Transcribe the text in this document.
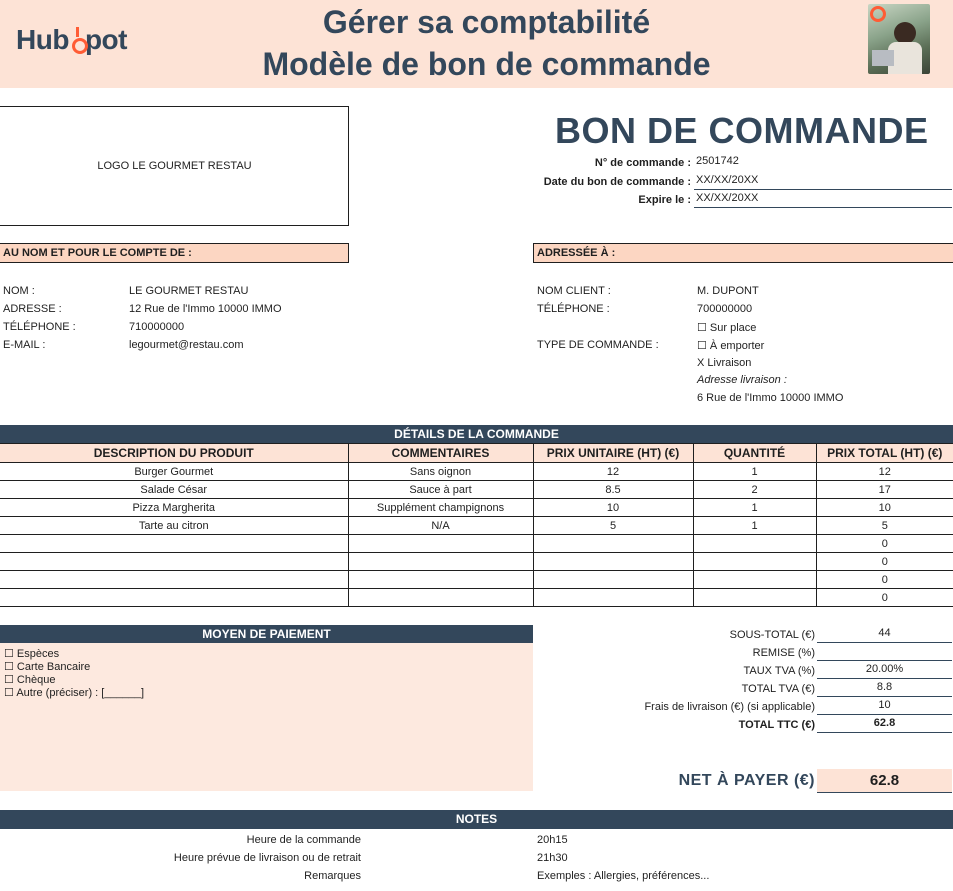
Hub pot	Gérer sa comptabilité
Modèle de bon de commande
LOGO LE GOURMET RESTAU
BON DE COMMANDE
N° de commande : 2501742
Date du bon de commande : XX/XX/20XX
Expire le : XX/XX/20XX
AU NOM ET POUR LE COMPTE DE :
NOM :	LE GOURMET RESTAU
ADRESSE :	12 Rue de l'Immo 10000 IMMO
TÉLÉPHONE :	710000000
E-MAIL :	legourmet@restau.com
ADRESSÉE À :
NOM CLIENT :	M. DUPONT
TÉLÉPHONE :	700000000
☐ Sur place
TYPE DE COMMANDE :	☐ À emporter
X Livraison
Adresse livraison :
6 Rue de l'Immo 10000 IMMO
DÉTAILS DE LA COMMANDE
DESCRIPTION DU PRODUIT	COMMENTAIRES	PRIX UNITAIRE (HT) (€)	QUANTITÉ	PRIX TOTAL (HT) (€)
Burger Gourmet	Sans oignon	12	1	12
Salade César	Sauce à part	8.5	2	17
Pizza Margherita	Supplément champignons	10	1	10
Tarte au citron	N/A	5	1	5
				0
				0
				0
				0
MOYEN DE PAIEMENT
☐ Espèces
☐ Carte Bancaire
☐ Chèque
☐ Autre (préciser) : [______]
SOUS-TOTAL (€)	44
REMISE (%)
TAUX TVA (%)	20.00%
TOTAL TVA (€)	8.8
Frais de livraison (€) (si applicable)	10
TOTAL TTC (€)	62.8
NET À PAYER (€)	62.8
NOTES
Heure de la commande	20h15
Heure prévue de livraison ou de retrait	21h30
Remarques	Exemples : Allergies, préférences...
